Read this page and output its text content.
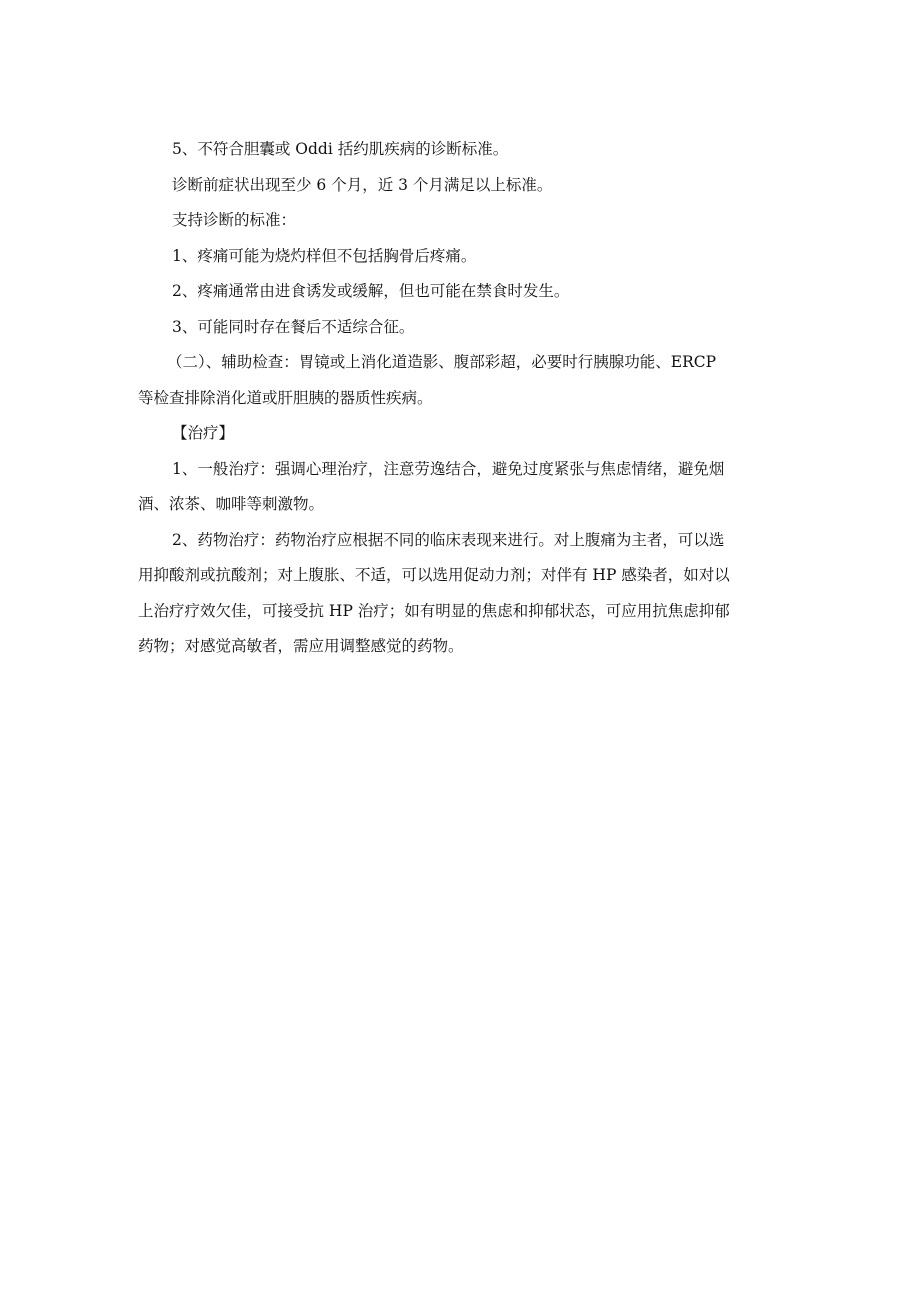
5、不符合胆囊或 Oddi 括约肌疾病的诊断标准。

诊断前症状出现至少 6 个月，近 3 个月满足以上标准。

支持诊断的标准：

1、疼痛可能为烧灼样但不包括胸骨后疼痛。

2、疼痛通常由进食诱发或缓解，但也可能在禁食时发生。

3、可能同时存在餐后不适综合征。

（二）、辅助检查：胃镜或上消化道造影、腹部彩超，必要时行胰腺功能、ERCP
等检查排除消化道或肝胆胰的器质性疾病。

【治疗】

1、一般治疗：强调心理治疗，注意劳逸结合，避免过度紧张与焦虑情绪，避免烟
酒、浓茶、咖啡等刺激物。
2、药物治疗：药物治疗应根据不同的临床表现来进行。对上腹痛为主者，可以选
用抑酸剂或抗酸剂；对上腹胀、不适，可以选用促动力剂；对伴有 HP 感染者，如对以
上治疗疗效欠佳，可接受抗 HP 治疗；如有明显的焦虑和抑郁状态，可应用抗焦虑抑郁
药物；对感觉高敏者，需应用调整感觉的药物。
